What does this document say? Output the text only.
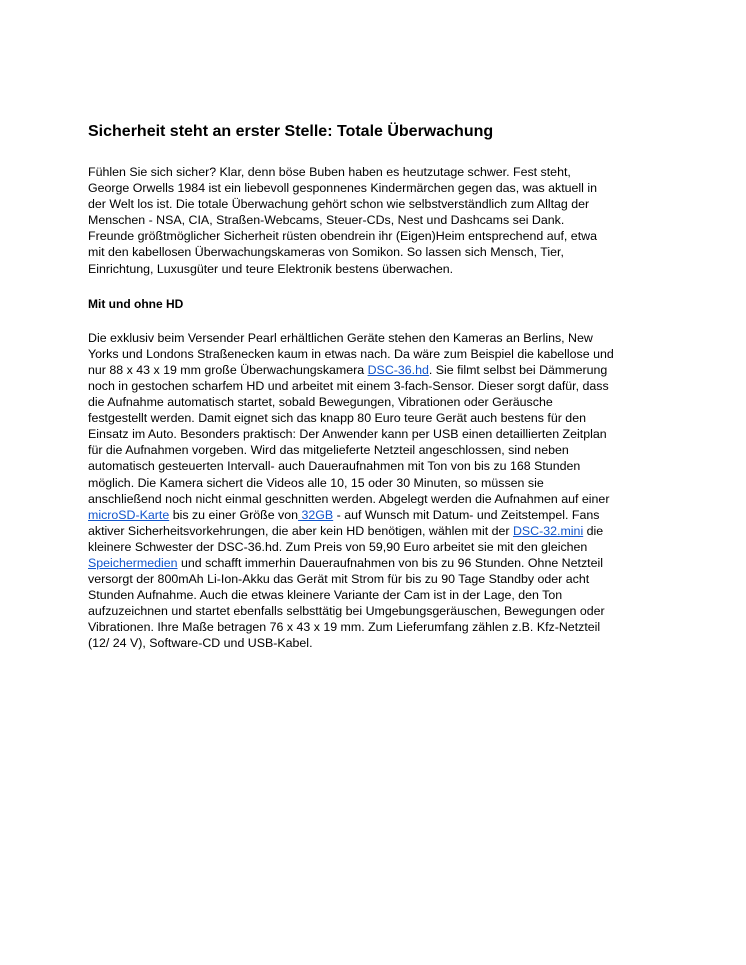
Sicherheit steht an erster Stelle: Totale Überwachung

Fühlen Sie sich sicher? Klar, denn böse Buben haben es heutzutage schwer. Fest steht,
George Orwells 1984 ist ein liebevoll gesponnenes Kindermärchen gegen das, was aktuell in
der Welt los ist. Die totale Überwachung gehört schon wie selbstverständlich zum Alltag der
Menschen - NSA, CIA, Straßen-Webcams, Steuer-CDs, Nest und Dashcams sei Dank.
Freunde größtmöglicher Sicherheit rüsten obendrein ihr (Eigen)Heim entsprechend auf, etwa
mit den kabellosen Überwachungskameras von Somikon. So lassen sich Mensch, Tier,
Einrichtung, Luxusgüter und teure Elektronik bestens überwachen.

Mit und ohne HD

Die exklusiv beim Versender Pearl erhältlichen Geräte stehen den Kameras an Berlins, New
Yorks und Londons Straßenecken kaum in etwas nach. Da wäre zum Beispiel die kabellose und
nur 88 x 43 x 19 mm große Überwachungskamera DSC-36.hd. Sie filmt selbst bei Dämmerung
noch in gestochen scharfem HD und arbeitet mit einem 3-fach-Sensor. Dieser sorgt dafür, dass
die Aufnahme automatisch startet, sobald Bewegungen, Vibrationen oder Geräusche
festgestellt werden. Damit eignet sich das knapp 80 Euro teure Gerät auch bestens für den
Einsatz im Auto. Besonders praktisch: Der Anwender kann per USB einen detaillierten Zeitplan
für die Aufnahmen vorgeben. Wird das mitgelieferte Netzteil angeschlossen, sind neben
automatisch gesteuerten Intervall- auch Daueraufnahmen mit Ton von bis zu 168 Stunden
möglich. Die Kamera sichert die Videos alle 10, 15 oder 30 Minuten, so müssen sie
anschließend noch nicht einmal geschnitten werden. Abgelegt werden die Aufnahmen auf einer
microSD-Karte bis zu einer Größe von 32GB - auf Wunsch mit Datum- und Zeitstempel. Fans
aktiver Sicherheitsvorkehrungen, die aber kein HD benötigen, wählen mit der DSC-32.mini die
kleinere Schwester der DSC-36.hd. Zum Preis von 59,90 Euro arbeitet sie mit den gleichen
Speichermedien und schafft immerhin Daueraufnahmen von bis zu 96 Stunden. Ohne Netzteil
versorgt der 800mAh Li-Ion-Akku das Gerät mit Strom für bis zu 90 Tage Standby oder acht
Stunden Aufnahme. Auch die etwas kleinere Variante der Cam ist in der Lage, den Ton
aufzuzeichnen und startet ebenfalls selbsttätig bei Umgebungsgeräuschen, Bewegungen oder
Vibrationen. Ihre Maße betragen 76 x 43 x 19 mm. Zum Lieferumfang zählen z.B. Kfz-Netzteil
(12/ 24 V), Software-CD und USB-Kabel.
